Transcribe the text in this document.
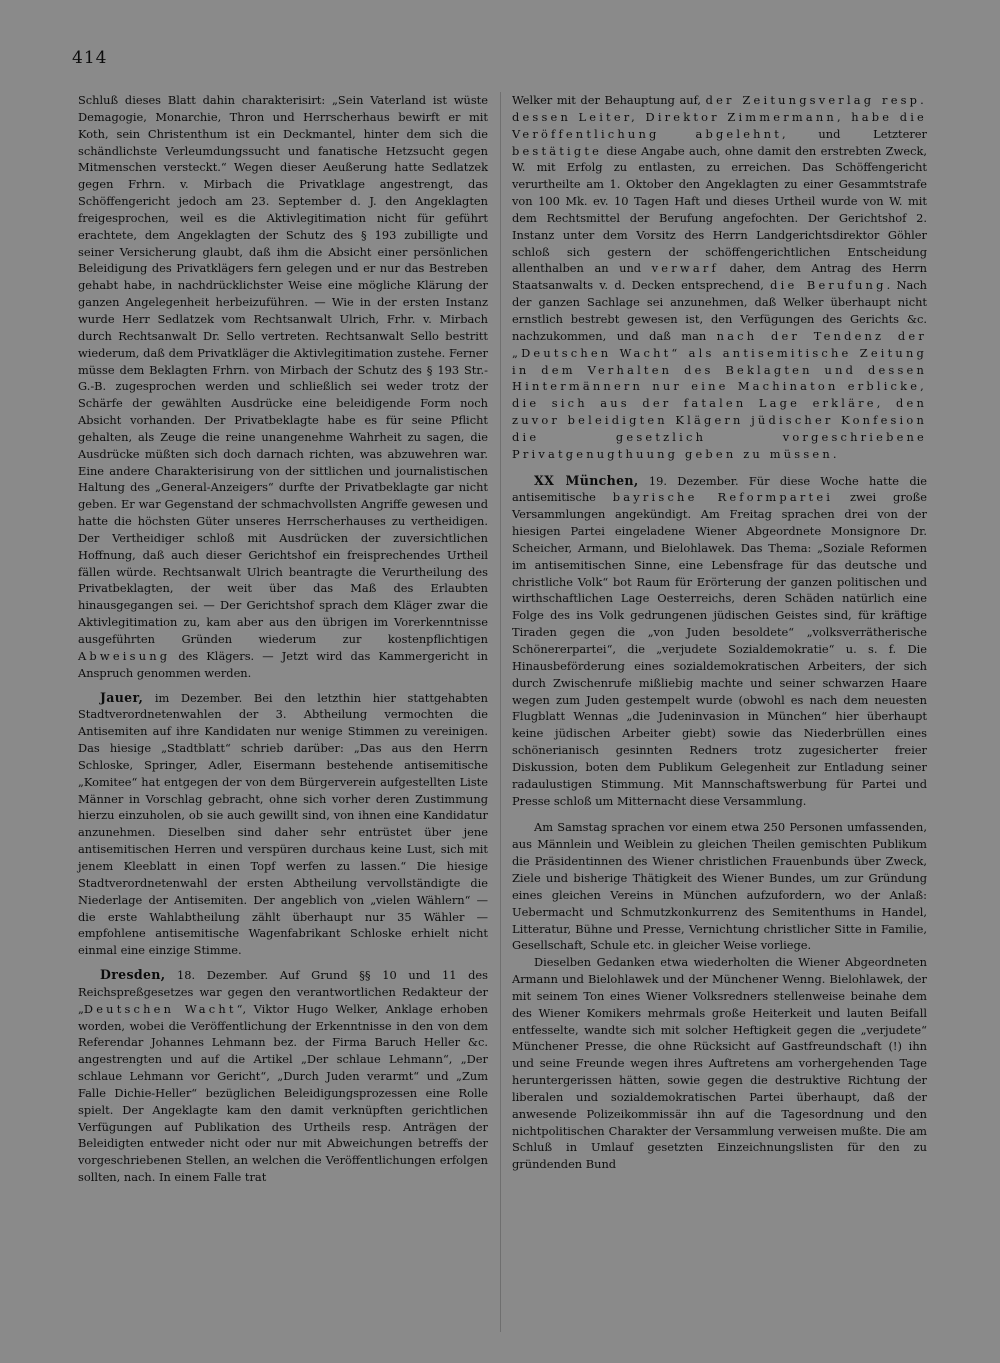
414

Schluß dieses Blatt dahin charakterisirt: „Sein Vaterland ist wüste Demagogie, Monarchie, Thron und Herrscherhaus bewirft er mit Koth, sein Christenthum ist ein Deckmantel, hinter dem sich die schändlichste Verleumdungssucht und fanatische Hetzsucht gegen Mitmenschen versteckt.“ Wegen dieser Aeußerung hatte Sedlatzek gegen Frhrn. v. Mirbach die Privatklage angestrengt, das Schöffengericht jedoch am 23. September d. J. den Angeklagten freigesprochen, weil es die Aktivlegitimation nicht für geführt erachtete, dem Angeklagten der Schutz des § 193 zubilligte und seiner Versicherung glaubt, daß ihm die Absicht einer persönlichen Beleidigung des Privatklägers fern gelegen und er nur das Bestreben gehabt habe, in nachdrücklichster Weise eine mögliche Klärung der ganzen Angelegenheit herbeizuführen. — Wie in der ersten Instanz wurde Herr Sedlatzek vom Rechtsanwalt Ulrich, Frhr. v. Mirbach durch Rechtsanwalt Dr. Sello vertreten. Rechtsanwalt Sello bestritt wiederum, daß dem Privatkläger die Aktivlegitimation zustehe. Ferner müsse dem Beklagten Frhrn. von Mirbach der Schutz des § 193 Str.-G.-B. zugesprochen werden und schließlich sei weder trotz der Schärfe der gewählten Ausdrücke eine beleidigende Form noch Absicht vorhanden. Der Privatbeklagte habe es für seine Pflicht gehalten, als Zeuge die reine unangenehme Wahrheit zu sagen, die Ausdrücke müßten sich doch darnach richten, was abzuwehren war. Eine andere Charakterisirung von der sittlichen und journalistischen Haltung des „General-Anzeigers“ durfte der Privatbeklagte gar nicht geben. Er war Gegenstand der schmachvollsten Angriffe gewesen und hatte die höchsten Güter unseres Herrscherhauses zu vertheidigen. Der Vertheidiger schloß mit Ausdrücken der zuversichtlichen Hoffnung, daß auch dieser Gerichtshof ein freisprechendes Urtheil fällen würde. Rechtsanwalt Ulrich beantragte die Verurtheilung des Privatbeklagten, der weit über das Maß des Erlaubten hinausgegangen sei. — Der Gerichtshof sprach dem Kläger zwar die Aktivlegitimation zu, kam aber aus den übrigen im Vorerkenntnisse ausgeführten Gründen wiederum zur kostenpflichtigen Abweisung des Klägers. — Jetzt wird das Kammergericht in Anspruch genommen werden.

Jauer, im Dezember. Bei den letzthin hier stattgehabten Stadtverordnetenwahlen der 3. Abtheilung vermochten die Antisemiten auf ihre Kandidaten nur wenige Stimmen zu vereinigen. Das hiesige „Stadtblatt“ schrieb darüber: „Das aus den Herrn Schloske, Springer, Adler, Eisermann bestehende antisemitische „Komitee“ hat entgegen der von dem Bürgerverein aufgestellten Liste Männer in Vorschlag gebracht, ohne sich vorher deren Zustimmung hierzu einzuholen, ob sie auch gewillt sind, von ihnen eine Kandidatur anzunehmen. Dieselben sind daher sehr entrüstet über jene antisemitischen Herren und verspüren durchaus keine Lust, sich mit jenem Kleeblatt in einen Topf werfen zu lassen.“ Die hiesige Stadtverordnetenwahl der ersten Abtheilung vervollständigte die Niederlage der Antisemiten. Der angeblich von „vielen Wählern“ — die erste Wahlabtheilung zählt überhaupt nur 35 Wähler — empfohlene antisemitische Wagenfabrikant Schloske erhielt nicht einmal eine einzige Stimme.

Dresden, 18. Dezember. Auf Grund §§ 10 und 11 des Reichspreßgesetzes war gegen den verantwortlichen Redakteur der „Deutschen Wacht“, Viktor Hugo Welker, Anklage erhoben worden, wobei die Veröffentlichung der Erkenntnisse in den von dem Referendar Johannes Lehmann bez. der Firma Baruch Heller &c. angestrengten und auf die Artikel „Der schlaue Lehmann“, „Der schlaue Lehmann vor Gericht“, „Durch Juden verarmt“ und „Zum Falle Dichie-Heller“ bezüglichen Beleidigungsprozessen eine Rolle spielt. Der Angeklagte kam den damit verknüpften gerichtlichen Verfügungen auf Publikation des Urtheils resp. Anträgen der Beleidigten entweder nicht oder nur mit Abweichungen betreffs der vorgeschriebenen Stellen, an welchen die Veröffentlichungen erfolgen sollten, nach. In einem Falle trat

Welker mit der Behauptung auf, der Zeitungsverlag resp. dessen Leiter, Direktor Zimmermann, habe die Veröffentlichung abgelehnt, und Letzterer bestätigte diese Angabe auch, ohne damit den erstrebten Zweck, W. mit Erfolg zu entlasten, zu erreichen. Das Schöffengericht verurtheilte am 1. Oktober den Angeklagten zu einer Gesammtstrafe von 100 Mk. ev. 10 Tagen Haft und dieses Urtheil wurde von W. mit dem Rechtsmittel der Berufung angefochten. Der Gerichtshof 2. Instanz unter dem Vorsitz des Herrn Landgerichtsdirektor Göhler schloß sich gestern der schöffengerichtlichen Entscheidung allenthalben an und verwarf daher, dem Antrag des Herrn Staatsanwalts v. d. Decken entsprechend, die Berufung. Nach der ganzen Sachlage sei anzunehmen, daß Welker überhaupt nicht ernstlich bestrebt gewesen ist, den Verfügungen des Gerichts &c. nachzukommen, und daß man nach der Tendenz der „Deutschen Wacht“ als antisemitische Zeitung in dem Verhalten des Beklagten und dessen Hintermännern nur eine Machinaton erblicke, die sich aus der fatalen Lage erkläre, den zuvor beleidigten Klägern jüdischer Konfesion die gesetzlich vorgeschriebene Privatgenugthuung geben zu müssen.

XX München, 19. Dezember. Für diese Woche hatte die antisemitische bayrische Reformpartei zwei große Versammlungen angekündigt. Am Freitag sprachen drei von der hiesigen Partei eingeladene Wiener Abgeordnete Monsignore Dr. Scheicher, Armann, und Bielohlawek. Das Thema: „Soziale Reformen im antisemitischen Sinne, eine Lebensfrage für das deutsche und christliche Volk“ bot Raum für Erörterung der ganzen politischen und wirthschaftlichen Lage Oesterreichs, deren Schäden natürlich eine Folge des ins Volk gedrungenen jüdischen Geistes sind, für kräftige Tiraden gegen die „von Juden besoldete“ „volksverrätherische Schönererpartei“, die „verjudete Sozialdemokratie“ u. s. f. Die Hinausbeförderung eines sozialdemokratischen Arbeiters, der sich durch Zwischenrufe mißliebig machte und seiner schwarzen Haare wegen zum Juden gestempelt wurde (obwohl es nach dem neuesten Flugblatt Wennas „die Judeninvasion in München“ hier überhaupt keine jüdischen Arbeiter giebt) sowie das Niederbrüllen eines schönerianisch gesinnten Redners trotz zugesicherter freier Diskussion, boten dem Publikum Gelegenheit zur Entladung seiner radaulustigen Stimmung. Mit Mannschaftswerbung für Partei und Presse schloß um Mitternacht diese Versammlung.

Am Samstag sprachen vor einem etwa 250 Personen umfassenden, aus Männlein und Weiblein zu gleichen Theilen gemischten Publikum die Präsidentinnen des Wiener christlichen Frauenbunds über Zweck, Ziele und bisherige Thätigkeit des Wiener Bundes, um zur Gründung eines gleichen Vereins in München aufzufordern, wo der Anlaß: Uebermacht und Schmutzkonkurrenz des Semitenthums in Handel, Litteratur, Bühne und Presse, Vernichtung christlicher Sitte in Familie, Gesellschaft, Schule etc. in gleicher Weise vorliege.

Dieselben Gedanken etwa wiederholten die Wiener Abgeordneten Armann und Bielohlawek und der Münchener Wenng. Bielohlawek, der mit seinem Ton eines Wiener Volksredners stellenweise beinahe dem des Wiener Komikers mehrmals große Heiterkeit und lauten Beifall entfesselte, wandte sich mit solcher Heftigkeit gegen die „verjudete“ Münchener Presse, die ohne Rücksicht auf Gastfreundschaft (!) ihn und seine Freunde wegen ihres Auftretens am vorhergehenden Tage heruntergerissen hätten, sowie gegen die destruktive Richtung der liberalen und sozialdemokratischen Partei überhaupt, daß der anwesende Polizeikommissär ihn auf die Tagesordnung und den nichtpolitischen Charakter der Versammlung verweisen mußte. Die am Schluß in Umlauf gesetzten Einzeichnungslisten für den zu gründenden Bund
